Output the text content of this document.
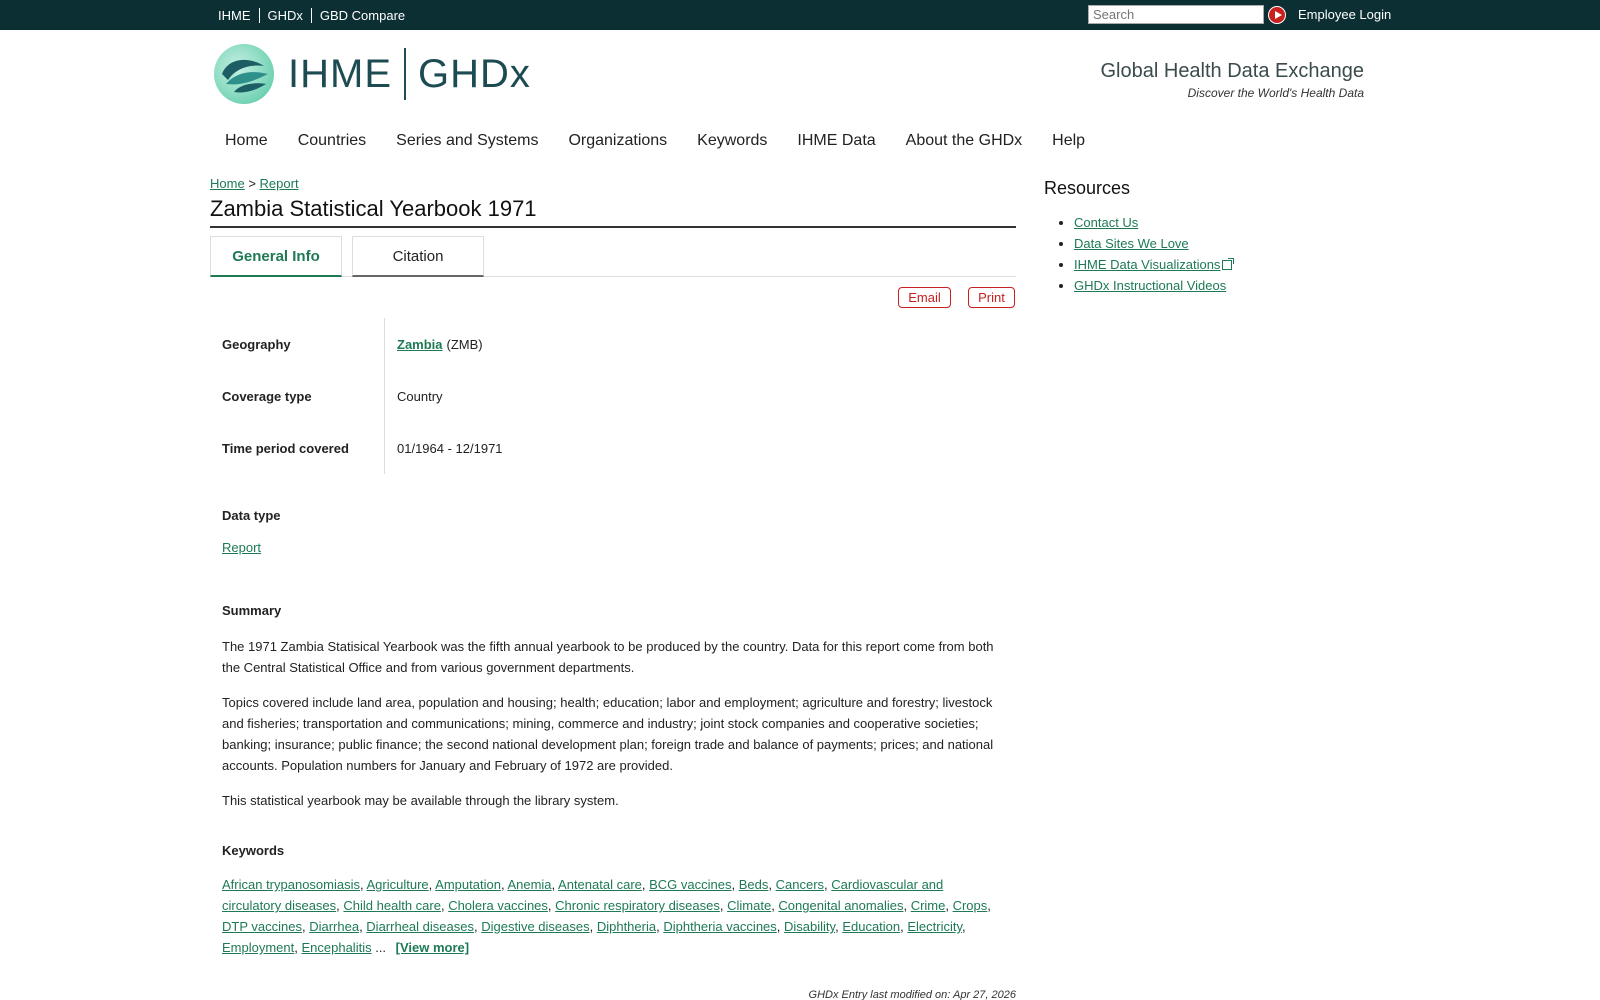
IHME	GHDx	GBD Compare
Search	Employee Login
IHME GHDx	Global Health Data Exchange
Discover the World's Health Data
Home Countries Series and Systems Organizations Keywords IHME Data About the GHDx Help
Home > Report
Zambia Statistical Yearbook 1971
General Info	Citation
Email	Print
Geography	Zambia (ZMB)
Coverage type	Country
Time period covered	01/1964 - 12/1971
Data type
Report
Summary
The 1971 Zambia Statisical Yearbook was the fifth annual yearbook to be produced by the country. Data for this report come from both the Central Statistical Office and from various government departments.
Topics covered include land area, population and housing; health; education; labor and employment; agriculture and forestry; livestock and fisheries; transportation and communications; mining, commerce and industry; joint stock companies and cooperative societies; banking; insurance; public finance; the second national development plan; foreign trade and balance of payments; prices; and national accounts. Population numbers for January and February of 1972 are provided.
This statistical yearbook may be available through the library system.
Keywords
African trypanosomiasis, Agriculture, Amputation, Anemia, Antenatal care, BCG vaccines, Beds, Cancers, Cardiovascular and circulatory diseases, Child health care, Cholera vaccines, Chronic respiratory diseases, Climate, Congenital anomalies, Crime, Crops, DTP vaccines, Diarrhea, Diarrheal diseases, Digestive diseases, Diphtheria, Diphtheria vaccines, Disability, Education, Electricity, Employment, Encephalitis ... [View more]
GHDx Entry last modified on: Apr 27, 2026
Resources
• Contact Us
• Data Sites We Love
• IHME Data Visualizations
• GHDx Instructional Videos
